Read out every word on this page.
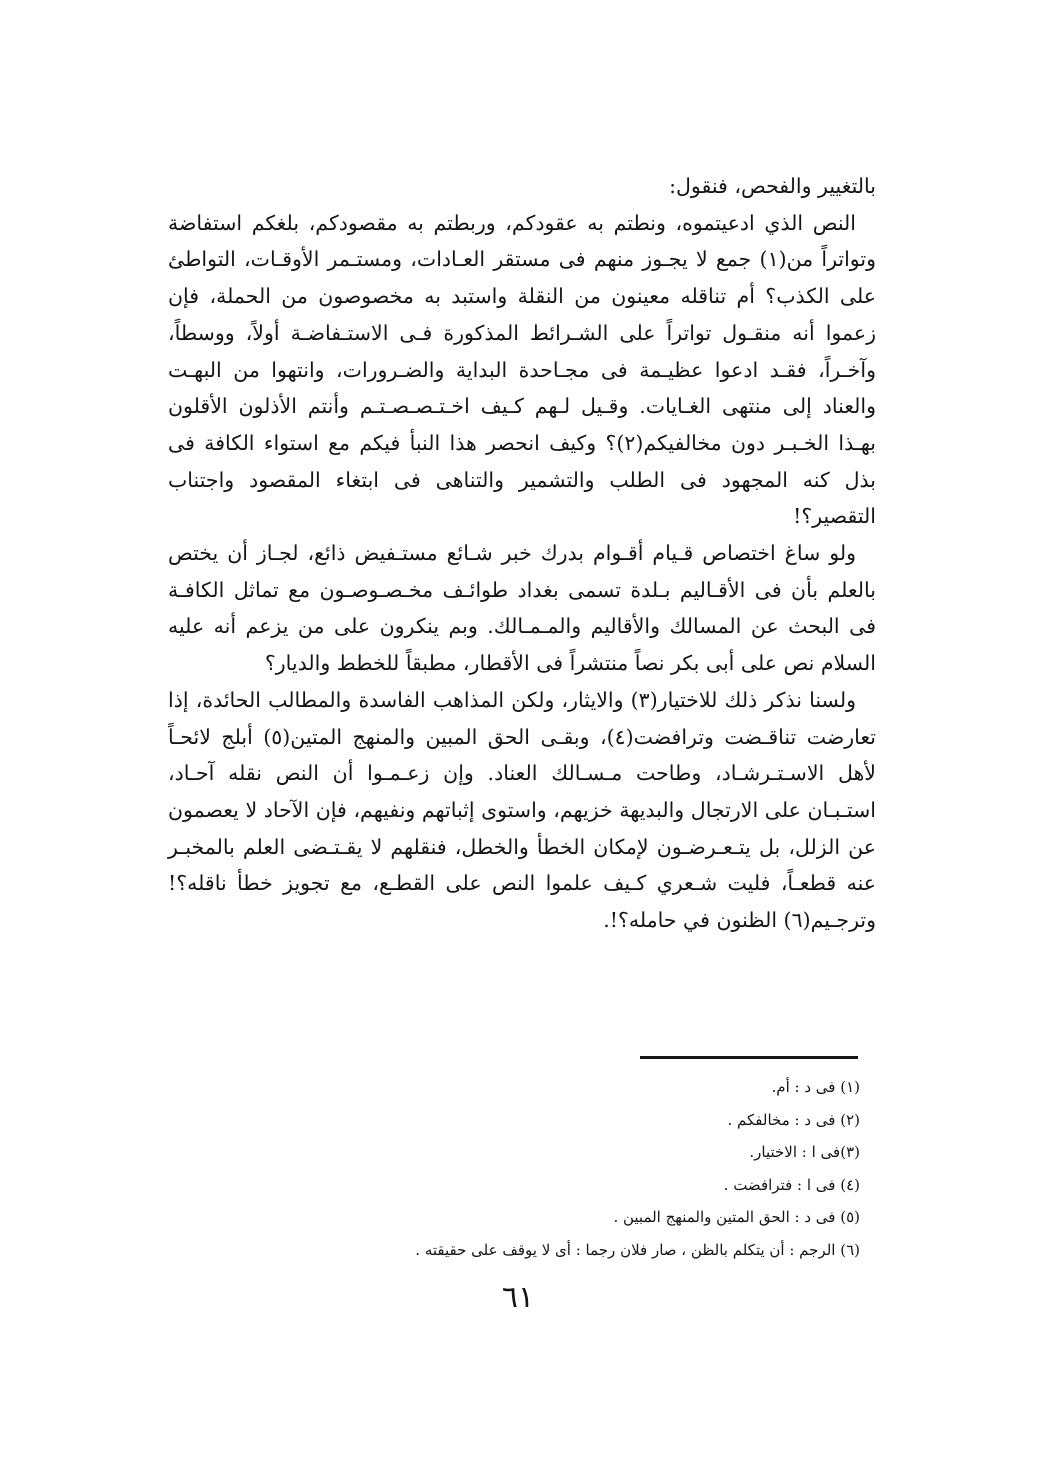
بالتغيير والفحص، فنقول:

النص الذي ادعيتموه، ونطتم به عقودكم، وربطتم به مقصودكم، بلغكم استفاضة وتواتراً من(١) جمع لا يجـوز منهم فى مستقر العـادات، ومستـمر الأوقـات، التواطئ على الكذب؟ أم تناقله معينون من النقلة واستبد به مخصوصون من الحملة، فإن زعموا أنه منقـول تواتراً على الشـرائط المذكورة فـى الاستـفاضـة أولاً، ووسطاً، وآخـراً، فقـد ادعوا عظيـمة فى مجـاحدة البداية والضـرورات، وانتهوا من البهـت والعناد إلى منتهى الغـايات. وقـيل لـهم كـيف اخـتـصـصـتـم وأنتم الأذلون الأقلون بهـذا الخـبـر دون مخالفيكم(٢)؟ وكيف انحصر هذا النبأ فيكم مع استواء الكافة فى بذل كنه المجهود فى الطلب والتشمير والتناهى فى ابتغاء المقصود واجتناب التقصير؟!

ولو ساغ اختصاص قـيام أقـوام بدرك خبر شـائع مستـفيض ذائع، لجـاز أن يختص بالعلم بأن فى الأقـاليم بـلدة تسمى بغداد طوائـف مخـصـوصـون مع تماثل الكافـة فى البحث عن المسالك والأقاليم والمـمـالك. وبم ينكرون على من يزعم أنه عليه السلام نص على أبى بكر نصاً منتشراً فى الأقطار، مطبقاً للخطط والديار؟

ولسنا نذكر ذلك للاختيار(٣) والايثار، ولكن المذاهب الفاسدة والمطالب الحائدة، إذا تعارضت تناقـضت وترافضت(٤)، وبقـى الحق المبين والمنهج المتين(٥) أبلج لائحـاً لأهل الاسـتـرشـاد، وطاحت مـسـالك العناد. وإن زعـمـوا أن النص نقله آحـاد، استـبـان على الارتجال والبديهة خزيهم، واستوى إثباتهم ونفيهم، فإن الآحاد لا يعصمون عن الزلل، بل يتـعـرضـون لإمكان الخطأ والخطل، فنقلهم لا يقـتـضى العلم بالمخبـر عنه قطعـاً، فليت شـعري كـيف علموا النص على القطـع، مع تجويز خطأ ناقله؟! وترجـيم(٦) الظنون في حامله؟!.

(١) فى د : أم.

(٢) فى د : مخالفكم .

(٣)فى ا : الاختيار.

(٤) فى ا : فترافضت .

(٥) فى د : الحق المتين والمنهج المبين .

(٦) الرجم : أن يتكلم بالظن ، صار فلان رجما : أى لا يوقف على حقيقته .

٦١
